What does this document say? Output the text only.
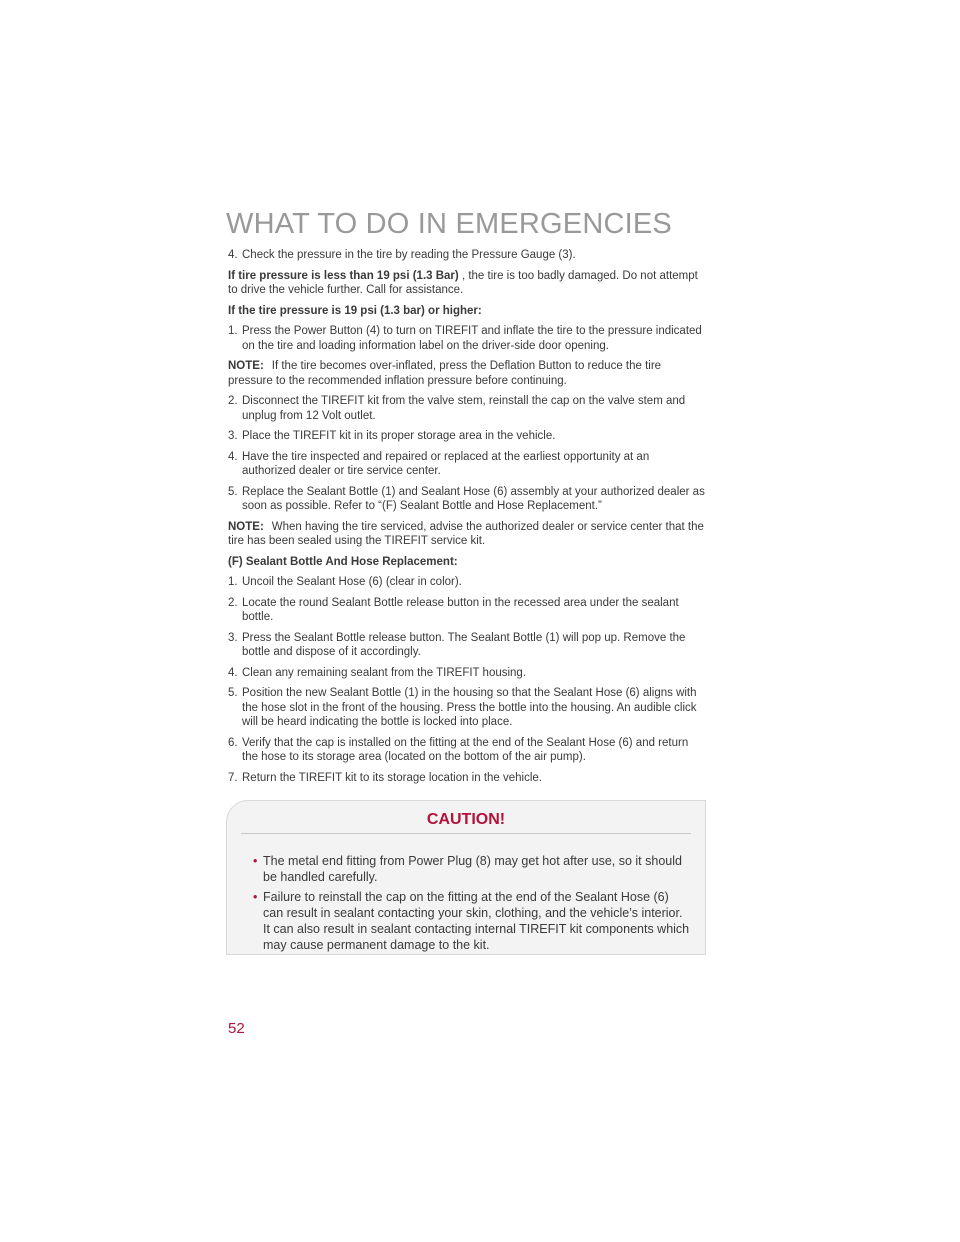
WHAT TO DO IN EMERGENCIES
4. Check the pressure in the tire by reading the Pressure Gauge (3).

If tire pressure is less than 19 psi (1.3 Bar) , the tire is too badly damaged. Do not attempt to drive the vehicle further. Call for assistance.

If the tire pressure is 19 psi (1.3 bar) or higher:

1. Press the Power Button (4) to turn on TIREFIT and inflate the tire to the pressure indicated on the tire and loading information label on the driver-side door opening.

NOTE: If the tire becomes over-inflated, press the Deflation Button to reduce the tire pressure to the recommended inflation pressure before continuing.

2. Disconnect the TIREFIT kit from the valve stem, reinstall the cap on the valve stem and unplug from 12 Volt outlet.
3. Place the TIREFIT kit in its proper storage area in the vehicle.
4. Have the tire inspected and repaired or replaced at the earliest opportunity at an authorized dealer or tire service center.
5. Replace the Sealant Bottle (1) and Sealant Hose (6) assembly at your authorized dealer as soon as possible. Refer to “(F) Sealant Bottle and Hose Replacement.”

NOTE: When having the tire serviced, advise the authorized dealer or service center that the tire has been sealed using the TIREFIT service kit.

(F) Sealant Bottle And Hose Replacement:

1. Uncoil the Sealant Hose (6) (clear in color).
2. Locate the round Sealant Bottle release button in the recessed area under the sealant bottle.
3. Press the Sealant Bottle release button. The Sealant Bottle (1) will pop up. Remove the bottle and dispose of it accordingly.
4. Clean any remaining sealant from the TIREFIT housing.
5. Position the new Sealant Bottle (1) in the housing so that the Sealant Hose (6) aligns with the hose slot in the front of the housing. Press the bottle into the housing. An audible click will be heard indicating the bottle is locked into place.
6. Verify that the cap is installed on the fitting at the end of the Sealant Hose (6) and return the hose to its storage area (located on the bottom of the air pump).
7. Return the TIREFIT kit to its storage location in the vehicle.
CAUTION!
• The metal end fitting from Power Plug (8) may get hot after use, so it should be handled carefully.
• Failure to reinstall the cap on the fitting at the end of the Sealant Hose (6) can result in sealant contacting your skin, clothing, and the vehicle’s interior. It can also result in sealant contacting internal TIREFIT kit components which may cause permanent damage to the kit.
52
